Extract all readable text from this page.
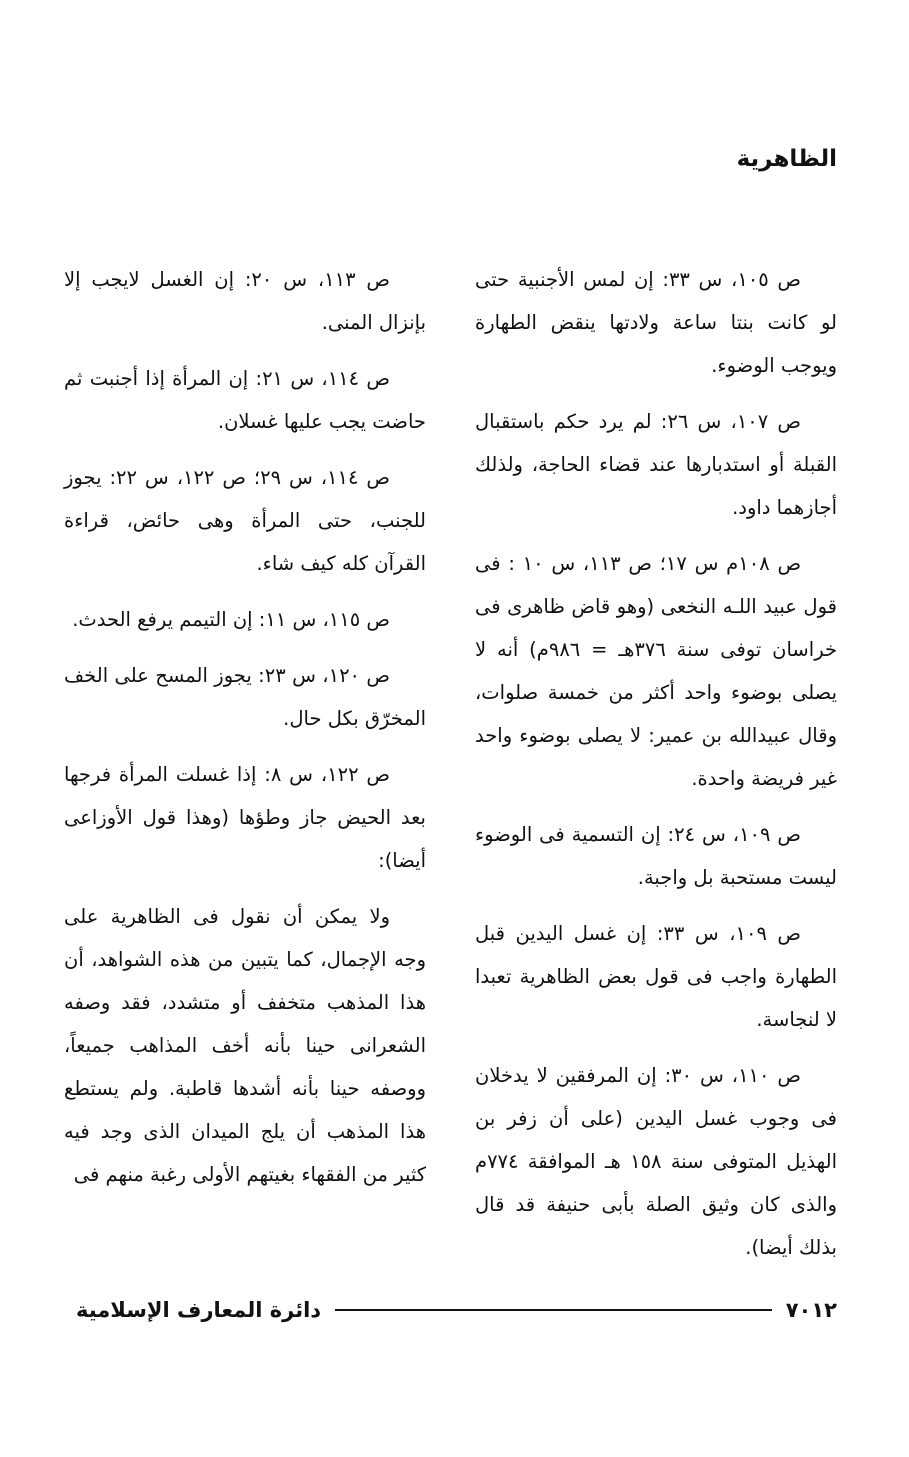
الظاهرية

ص ١٠٥، س ٣٣: إن لمس الأجنبية حتى لو كانت بنتا ساعة ولادتها ينقض الطهارة ويوجب الوضوء.

ص ١٠٧، س ٢٦: لم يرد حكم باستقبال القبلة أو استدبارها عند قضاء الحاجة، ولذلك أجازهما داود.

ص ١٠٨م س ١٧؛ ص ١١٣، س ١٠ : فى قول عبيد اللـه النخعى (وهو قاض ظاهرى فى خراسان توفى سنة ٣٧٦هـ = ٩٨٦م) أنه لا يصلى بوضوء واحد أكثر من خمسة صلوات، وقال عبيدالله بن عمير: لا يصلى بوضوء واحد غير فريضة واحدة.

ص ١٠٩، س ٢٤: إن التسمية فى الوضوء ليست مستحبة بل واجبة.

ص ١٠٩، س ٣٣: إن غسل اليدين قبل الطهارة واجب فى قول بعض الظاهرية تعبدا لا لنجاسة.

ص ١١٠، س ٣٠: إن المرفقين لا يدخلان فى وجوب غسل اليدين (على أن زفر بن الهذيل المتوفى سنة ١٥٨ هـ الموافقة ٧٧٤م والذى كان وثيق الصلة بأبى حنيفة قد قال بذلك أيضا).

ص ١١٣، س ٢٠: إن الغسل لايجب إلا بإنزال المنى.

ص ١١٤، س ٢١: إن المرأة إذا أجنبت ثم حاضت يجب عليها غسلان.

ص ١١٤، س ٢٩؛ ص ١٢٢، س ٢٢: يجوز للجنب، حتى المرأة وهى حائض، قراءة القرآن كله كيف شاء.

ص ١١٥، س ١١: إن التيمم يرفع الحدث.

ص ١٢٠، س ٢٣: يجوز المسح على الخف المخرّق بكل حال.

ص ١٢٢، س ٨: إذا غسلت المرأة فرجها بعد الحيض جاز وطؤها (وهذا قول الأوزاعى أيضا):

ولا يمكن أن نقول فى الظاهرية على وجه الإجمال، كما يتبين من هذه الشواهد، أن هذا المذهب متخفف أو متشدد، فقد وصفه الشعرانى حينا بأنه أخف المذاهب جميعاً، ووصفه حينا بأنه أشدها قاطبة. ولم يستطع هذا المذهب أن يلج الميدان الذى وجد فيه كثير من الفقهاء بغيتهم الأولى رغبة منهم فى

٧٠١٢
دائرة المعارف الإسلامية
